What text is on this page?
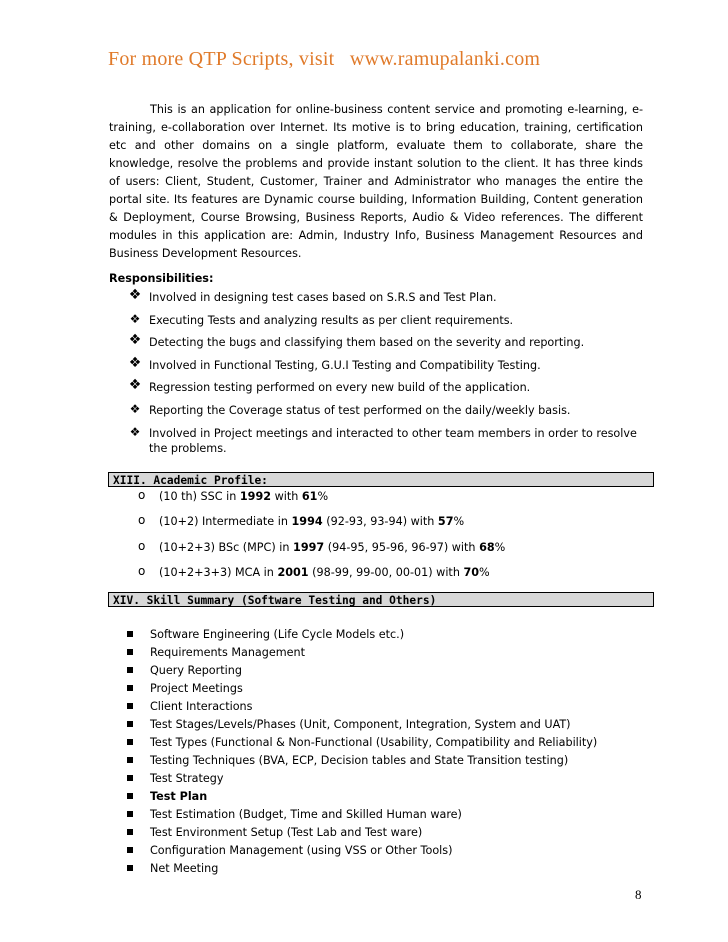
For more QTP Scripts, visit   www.ramupalanki.com
This is an application for online-business content service and promoting e-learning, e-training, e-collaboration over Internet. Its motive is to bring education, training, certification etc and other domains on a single platform, evaluate them to collaborate, share the knowledge, resolve the problems and provide instant solution to the client. It has three kinds of users: Client, Student, Customer, Trainer and Administrator who manages the entire the portal site. Its features are Dynamic course building, Information Building, Content generation & Deployment, Course Browsing, Business Reports, Audio & Video references. The different modules in this application are: Admin, Industry Info, Business Management Resources and Business Development Resources.
Responsibilities:
❖ Involved in designing test cases based on S.R.S and Test Plan.
❖ Executing Tests and analyzing results as per client requirements.
❖ Detecting the bugs and classifying them based on the severity and reporting.
❖ Involved in Functional Testing, G.U.I Testing and Compatibility Testing.
❖ Regression testing performed on every new build of the application.
❖ Reporting the Coverage status of test performed on the daily/weekly basis.
❖ Involved in Project meetings and interacted to other team members in order to resolve the problems.
XIII. Academic Profile:
o (10 th) SSC in 1992 with 61%
o (10+2) Intermediate in 1994 (92-93, 93-94) with 57%
o (10+2+3) BSc (MPC) in 1997 (94-95, 95-96, 96-97) with 68%
o (10+2+3+3) MCA in 2001 (98-99, 99-00, 00-01) with 70%
XIV. Skill Summary (Software Testing and Others)
Software Engineering (Life Cycle Models etc.)
Requirements Management
Query Reporting
Project Meetings
Client Interactions
Test Stages/Levels/Phases (Unit, Component, Integration, System and UAT)
Test Types (Functional & Non-Functional (Usability, Compatibility and Reliability)
Testing Techniques (BVA, ECP, Decision tables and State Transition testing)
Test Strategy
Test Plan
Test Estimation (Budget, Time and Skilled Human ware)
Test Environment Setup (Test Lab and Test ware)
Configuration Management (using VSS or Other Tools)
Net Meeting
8
